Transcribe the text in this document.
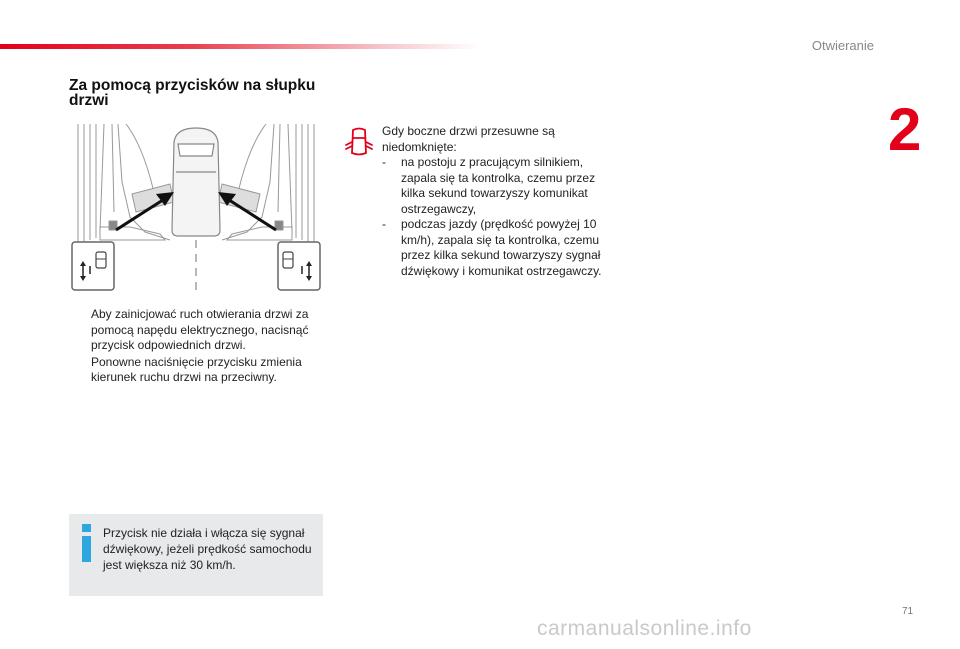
Otwieranie
2
Za pomocą przycisków na słupku drzwi
Aby zainicjować ruch otwierania drzwi za pomocą napędu elektrycznego, nacisnąć przycisk odpowiednich drzwi.
Ponowne naciśnięcie przycisku zmienia kierunek ruchu drzwi na przeciwny.
Przycisk nie działa i włącza się sygnał dźwiękowy, jeżeli prędkość samochodu jest większa niż 30 km/h.
Gdy boczne drzwi przesuwne są niedomknięte:
- na postoju z pracującym silnikiem, zapala się ta kontrolka, czemu przez kilka sekund towarzyszy komunikat ostrzegawczy,
- podczas jazdy (prędkość powyżej 10 km/h), zapala się ta kontrolka, czemu przez kilka sekund towarzyszy sygnał dźwiękowy i komunikat ostrzegawczy.
71
carmanualsonline.info
